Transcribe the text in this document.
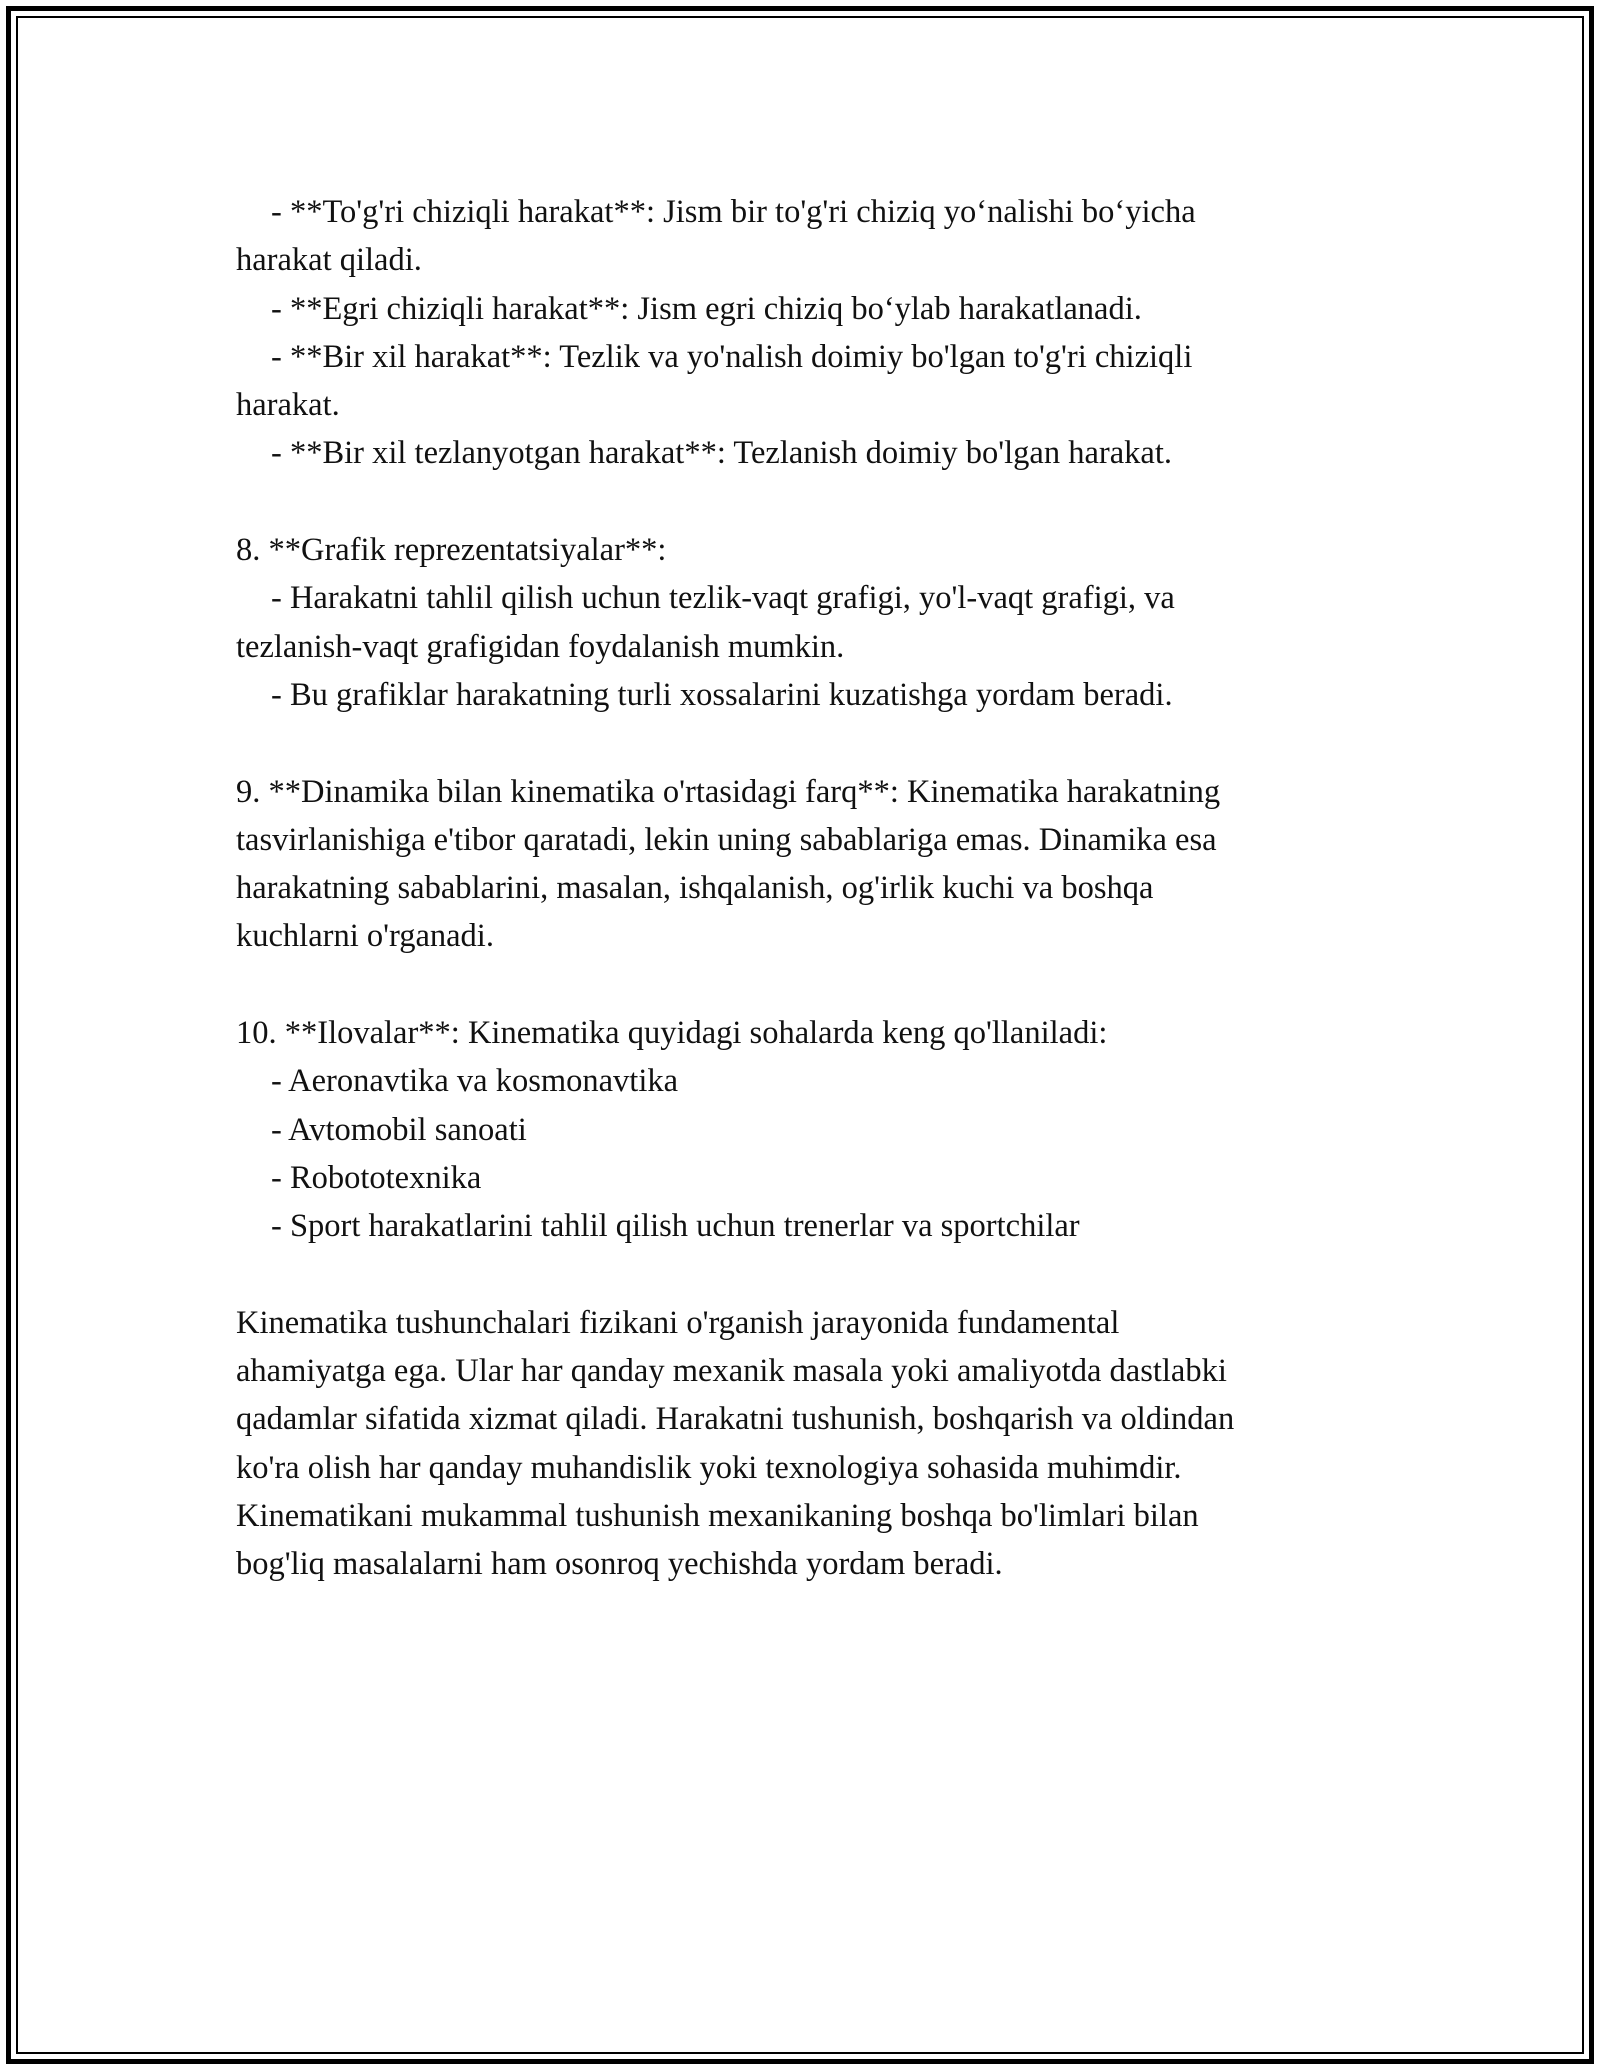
- **To'g'ri chiziqli harakat**: Jism bir to'g'ri chiziq yo‘nalishi bo‘yicha
harakat qiladi.
- **Egri chiziqli harakat**: Jism egri chiziq bo‘ylab harakatlanadi.
- **Bir xil harakat**: Tezlik va yo'nalish doimiy bo'lgan to'g'ri chiziqli
harakat.
- **Bir xil tezlanyotgan harakat**: Tezlanish doimiy bo'lgan harakat.
8. **Grafik reprezentatsiyalar**:
- Harakatni tahlil qilish uchun tezlik-vaqt grafigi, yo'l-vaqt grafigi, va
tezlanish-vaqt grafigidan foydalanish mumkin.
- Bu grafiklar harakatning turli xossalarini kuzatishga yordam beradi.
9. **Dinamika bilan kinematika o'rtasidagi farq**: Kinematika harakatning
tasvirlanishiga e'tibor qaratadi, lekin uning sabablariga emas. Dinamika esa
harakatning sabablarini, masalan, ishqalanish, og'irlik kuchi va boshqa
kuchlarni o'rganadi.
10. **Ilovalar**: Kinematika quyidagi sohalarda keng qo'llaniladi:
- Aeronavtika va kosmonavtika
- Avtomobil sanoati
- Robototexnika
- Sport harakatlarini tahlil qilish uchun trenerlar va sportchilar
Kinematika tushunchalari fizikani o'rganish jarayonida fundamental
ahamiyatga ega. Ular har qanday mexanik masala yoki amaliyotda dastlabki
qadamlar sifatida xizmat qiladi. Harakatni tushunish, boshqarish va oldindan
ko'ra olish har qanday muhandislik yoki texnologiya sohasida muhimdir.
Kinematikani mukammal tushunish mexanikaning boshqa bo'limlari bilan
bog'liq masalalarni ham osonroq yechishda yordam beradi.
